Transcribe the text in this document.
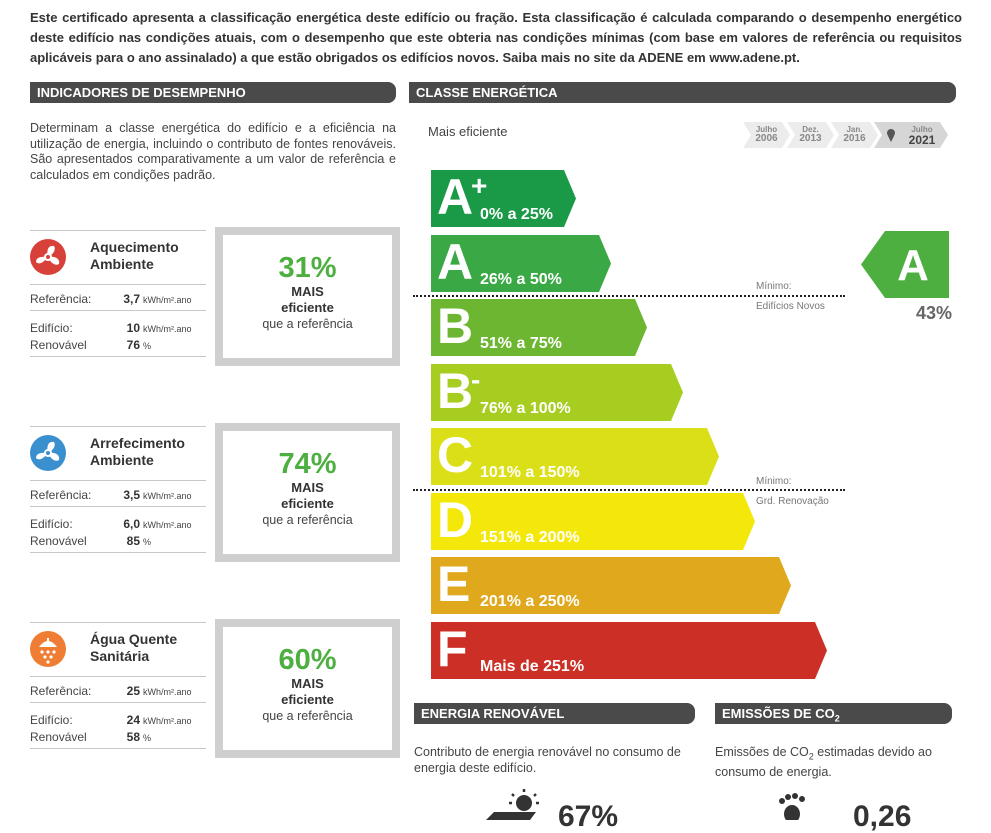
Este certificado apresenta a classificação energética deste edifício ou fração. Esta classificação é calculada comparando o desempenho energético deste edifício nas condições atuais, com o desempenho que este obteria nas condições mínimas (com base em valores de referência ou requisitos aplicáveis para o ano assinalado) a que estão obrigados os edifícios novos. Saiba mais no site da ADENE em www.adene.pt.
INDICADORES DE DESEMPENHO
Determinam a classe energética do edifício e a eficiência na utilização de energia, incluindo o contributo de fontes renováveis. São apresentados comparativamente a um valor de referência e calculados em condições padrão.
Aquecimento
Ambiente
Referência:	3,7 kWh/m².ano
Edifício:	10 kWh/m².ano
Renovável	76 %
31%
MAIS
eficiente
que a referência
Arrefecimento
Ambiente
Referência:	3,5 kWh/m².ano
Edifício:	6,0 kWh/m².ano
Renovável	85 %
74%
MAIS
eficiente
que a referência
Água Quente
Sanitária
Referência:	25 kWh/m².ano
Edifício:	24 kWh/m².ano
Renovável	58 %
60%
MAIS
eficiente
que a referência
CLASSE ENERGÉTICA
Mais eficiente	Julho
2006
Dez.
2013
Jan.
2016
Julho
2021
A
+
0% a 25%
A 26% a 50%
B 51% a 75%
B
-
76% a 100%
C 101% a 150%
D 151% a 200%
E 201% a 250%
F Mais de 251%
Mínimo:
Edifícios Novos
Mínimo:
Grd. Renovação
A
43%
ENERGIA RENOVÁVEL
Contributo de energia renovável no consumo de energia deste edifício.
67%
EMISSÕES DE $CO_2$
Emissões de $CO_2$ estimadas devido ao consumo de energia.
0,26
